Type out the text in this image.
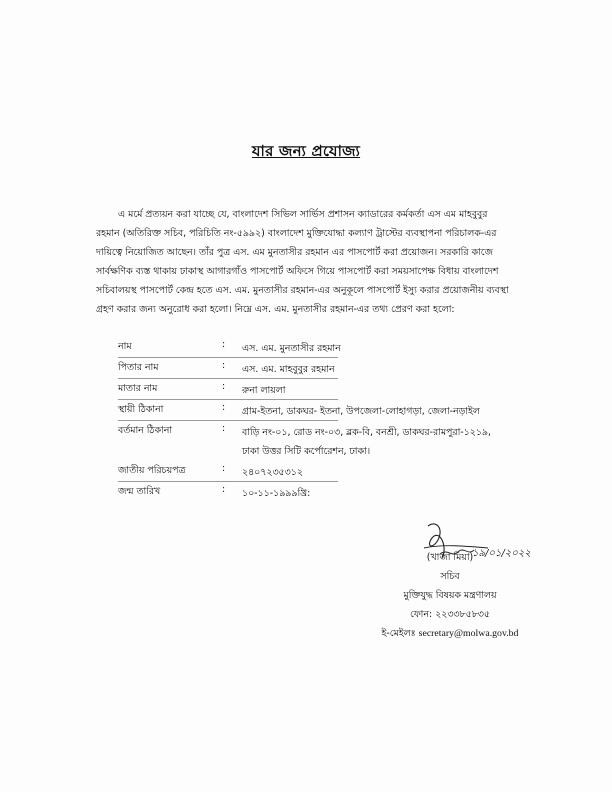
যার জন্য প্রযোজ্য
এ মর্মে প্রত্যয়ন করা যাচ্ছে যে, বাংলাদেশ সিভিল সার্ভিস প্রশাসন ক্যাডারের কর্মকর্তা এস এম মাহবুবুর
রহমান (অতিরিক্ত সচিব, পরিচিতি নং-৫৯৯২) বাংলাদেশ মুক্তিযোদ্ধা কল্যাণ ট্রাস্টের ব্যবস্থাপনা পরিচালক-এর
দায়িত্বে নিয়োজিত আছেন। তাঁর পুত্র এস. এম মুনতাসীর রহমান এর পাসপোর্ট করা প্রয়োজন। সরকারি কাজে
সার্বক্ষণিক ব্যস্ত থাকায় ঢাকাস্থ আগারগাঁও পাসপোর্ট অফিসে গিয়ে পাসপোর্ট করা সময়সাপেক্ষ বিধায় বাংলাদেশ
সচিবালয়স্থ পাসপোর্ট কেন্দ্র হতে এস. এম. মুনতাসীর রহমান-এর অনুকূলে পাসপোর্ট ইস্যু করার প্রয়োজনীয় ব্যবস্থা
গ্রহণ করার জন্য অনুরোধ করা হলো। নিম্নে এস. এম. মুনতাসীর রহমান-এর তথ্য প্রেরণ করা হলো:
নাম	: এস. এম. মুনতাসীর রহমান
পিতার নাম	: এস. এম. মাহবুবুর রহমান
মাতার নাম	: রুনা লায়লা
স্থায়ী ঠিকানা	: গ্রাম-ইতনা, ডাকঘর- ইতনা, উপজেলা-লোহাগড়া, জেলা-নড়াইল
বর্তমান ঠিকানা	: বাড়ি নং-০১, রোড নং-০৩, ব্লক-বি, বনশ্রী, ডাকঘর-রামপুরা-১২১৯,
ঢাকা উত্তর সিটি কর্পোরেশন, ঢাকা।
জাতীয় পরিচয়পত্র	: ২৪০৭২৩৫৩১২
জন্ম তারিখ	: ১০-১১-১৯৯৯খ্রি:
১৯/০১/২০২২
(খাজা মিয়া)
সচিব
মুক্তিযুদ্ধ বিষয়ক মন্ত্রণালয়
ফোন: ২২৩৩৮৫৮৩৫
ই-মেইলঃ secretary@molwa.gov.bd
